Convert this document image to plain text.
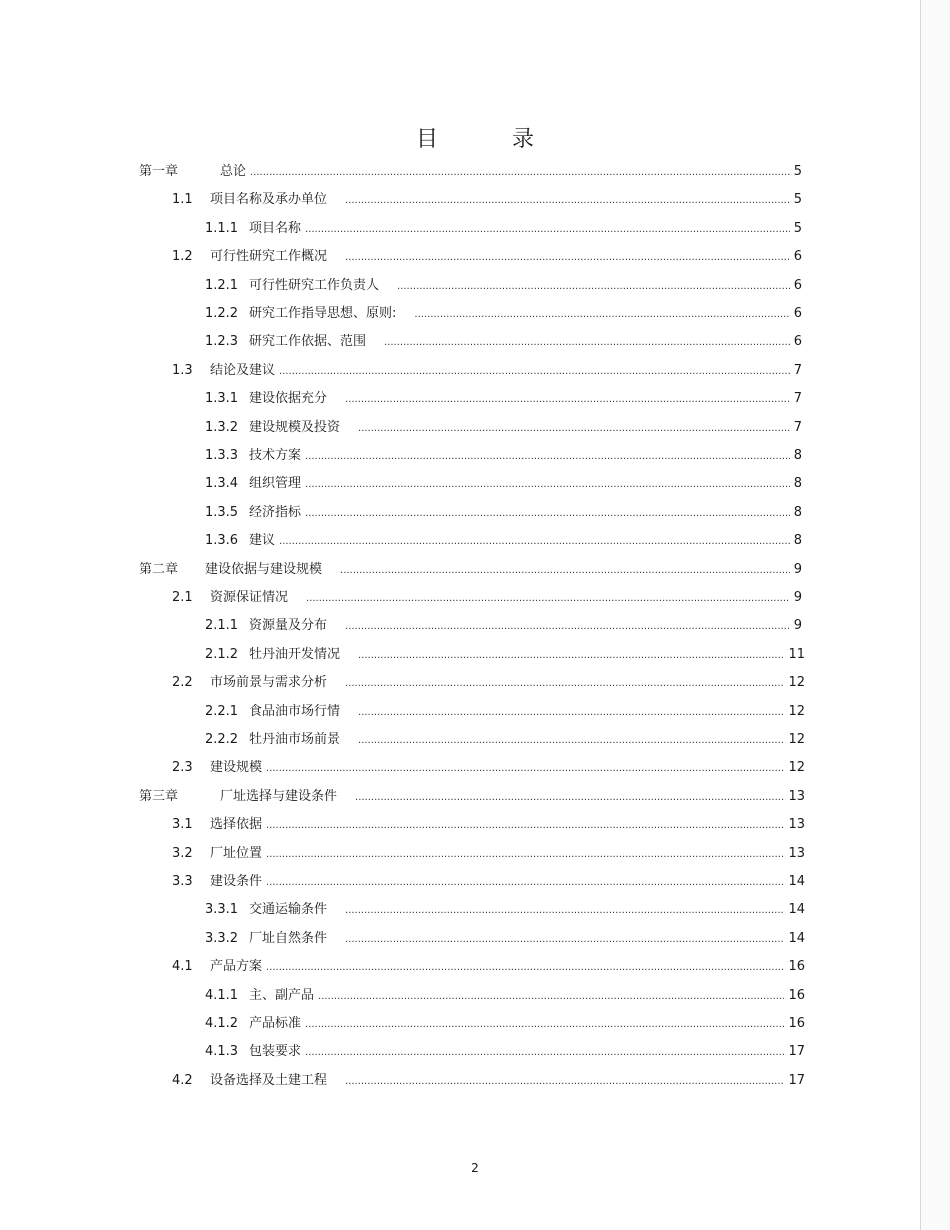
目　录
第一章	总论 .....	5
1.1	项目名称及承办单位 .....	5
1.1.1 项目名称 .....	5
1.2	可行性研究工作概况 .....	6
1.2.1 可行性研究工作负责人 .....	6
1.2.2 研究工作指导思想、原则: .....	6
1.2.3 研究工作依据、范围 .....	6
1.3	结论及建议 .....	7
1.3.1 建设依据充分 .....	7
1.3.2 建设规模及投资 .....	7
1.3.3 技术方案 .....	8
1.3.4 组织管理 .....	8
1.3.5 经济指标 .....	8
1.3.6 建议 .....	8
第二章	建设依据与建设规模 .....	9
2.1	资源保证情况 .....	9
2.1.1 资源量及分布 .....	9
2.1.2 牡丹油开发情况 .....	11
2.2	市场前景与需求分析 .....	12
2.2.1 食品油市场行情 .....	12
2.2.2 牡丹油市场前景 .....	12
2.3	建设规模 .....	12
第三章	厂址选择与建设条件 .....	13
3.1	选择依据 .....	13
3.2	厂址位置 .....	13
3.3	建设条件 .....	14
3.3.1 交通运输条件 .....	14
3.3.2 厂址自然条件 .....	14
4.1	产品方案 .....	16
4.1.1 主、副产品 .....	16
4.1.2 产品标准 .....	16
4.1.3 包装要求 .....	17
4.2	设备选择及土建工程 .....	17
2
